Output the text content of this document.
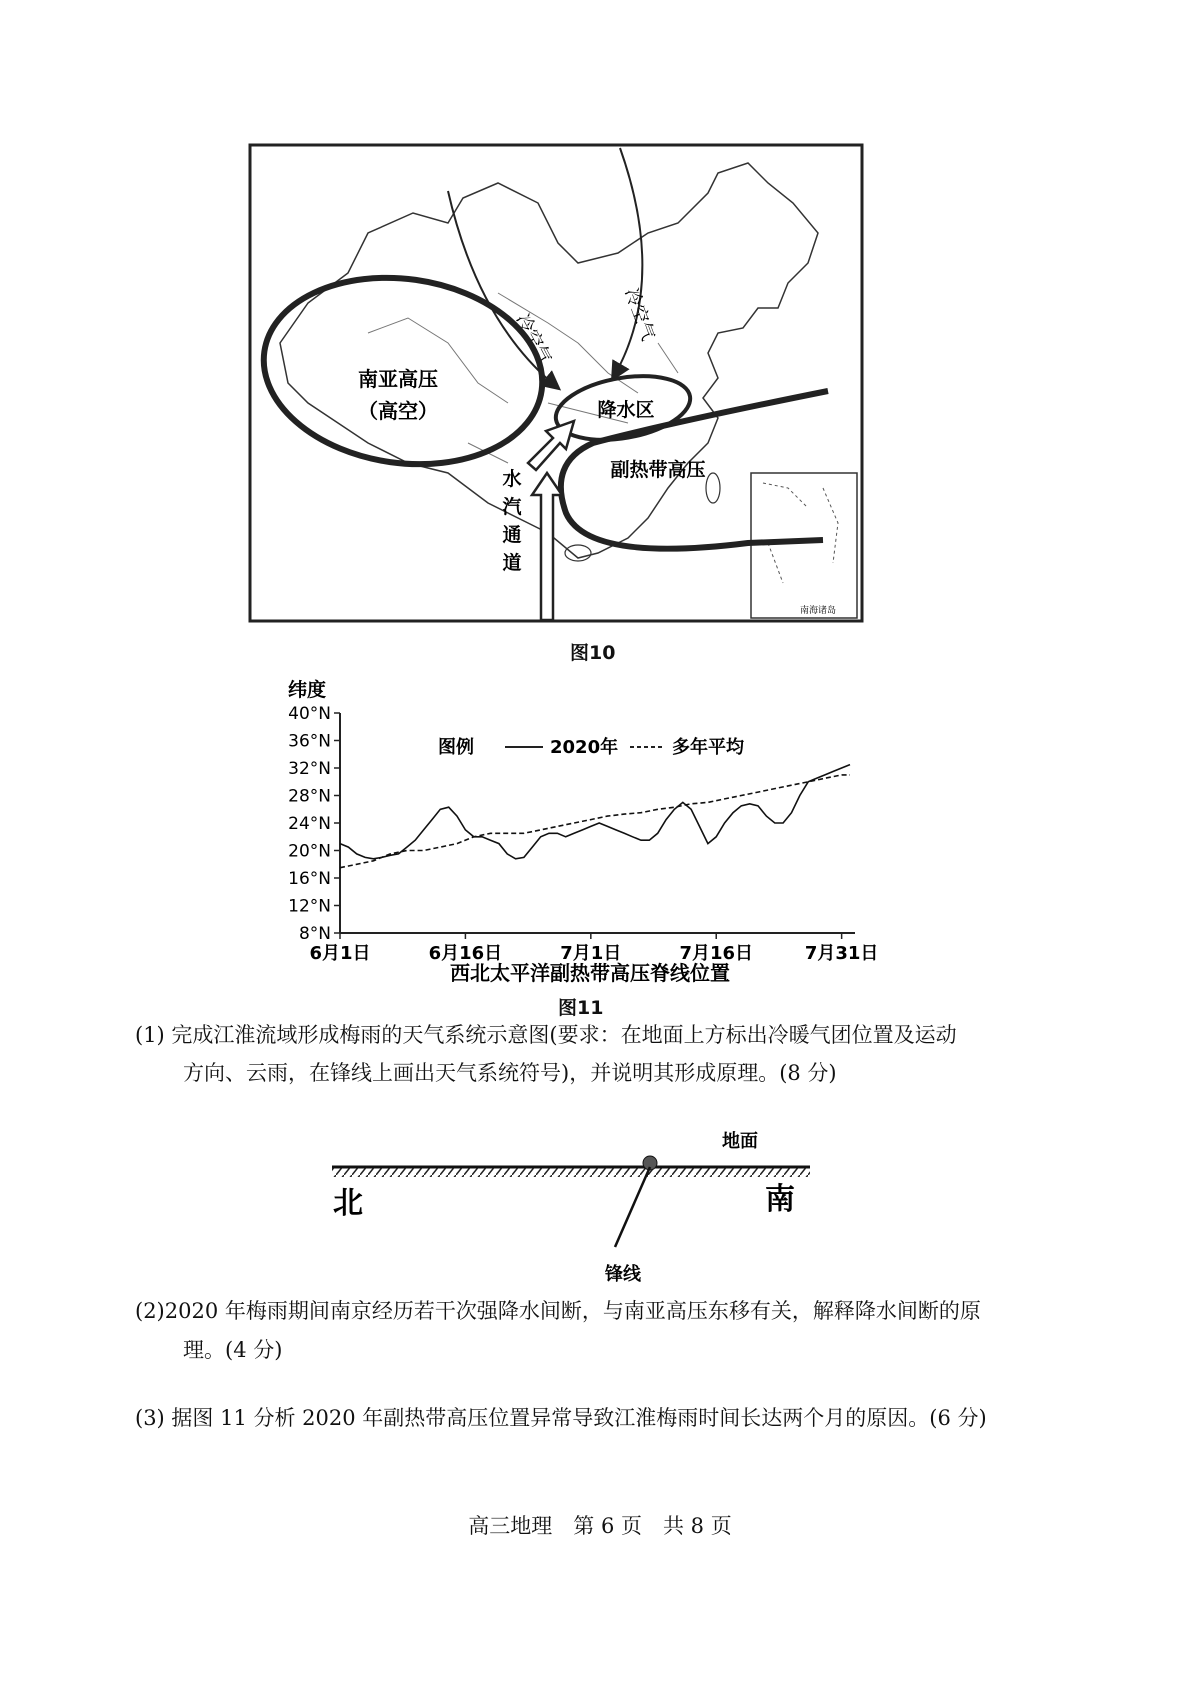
南海诸岛
冷空气	冷空气
南亚高压
（高空）	降水区
副热带高压
水
汽
通
道
图10
纬度
40°N
36°N
32°N
28°N
24°N
20°N
16°N
12°N
8°N
6月1日	6月16日	7月1日	7月16日	7月31日
图例	2020年	多年平均
西北太平洋副热带高压脊线位置
图11
(1) 完成江淮流域形成梅雨的天气系统示意图(要求：在地面上方标出冷暖气团位置及运动
方向、云雨，在锋线上画出天气系统符号)，并说明其形成原理。(8 分)
地面
北	南
锋线
(2)2020 年梅雨期间南京经历若干次强降水间断，与南亚高压东移有关，解释降水间断的原
理。(4 分)
(3) 据图 11 分析 2020 年副热带高压位置异常导致江淮梅雨时间长达两个月的原因。(6 分)
高三地理　第 6 页　共 8 页
